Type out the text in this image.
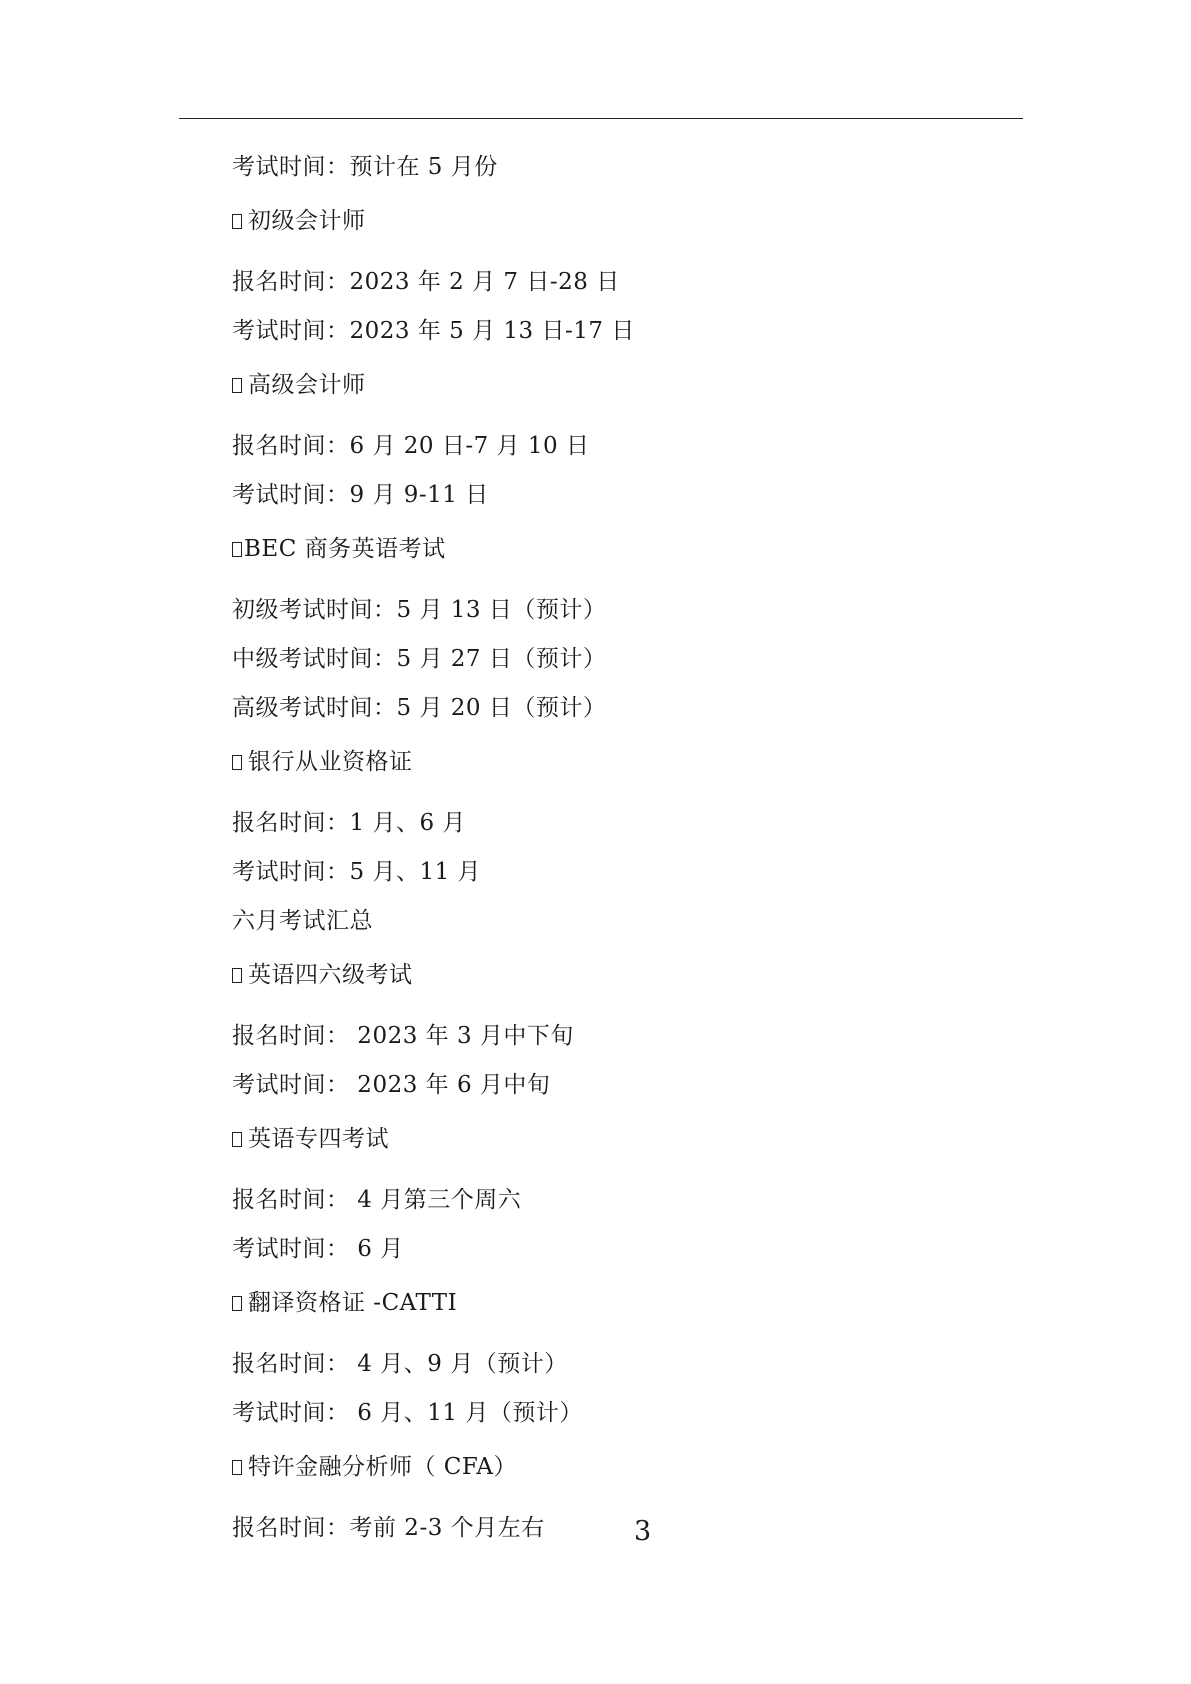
考试时间：预计在 5 月份
初级会计师
报名时间：2023 年 2 月 7 日-28 日
考试时间：2023 年 5 月 13 日-17 日
高级会计师
报名时间：6 月 20 日-7 月 10 日
考试时间：9 月 9-11 日
BEC 商务英语考试
初级考试时间：5 月 13 日（预计）
中级考试时间：5 月 27 日（预计）
高级考试时间：5 月 20 日（预计）
银行从业资格证
报名时间：1 月、6 月
考试时间：5 月、11 月
六月考试汇总
英语四六级考试
报名时间： 2023 年 3 月中下旬
考试时间： 2023 年 6 月中旬
英语专四考试
报名时间： 4 月第三个周六
考试时间： 6 月
翻译资格证 -CATTI
报名时间： 4 月、9 月（预计）
考试时间： 6 月、11 月（预计）
特许金融分析师（ CFA）
报名时间：考前 2-3 个月左右	3
